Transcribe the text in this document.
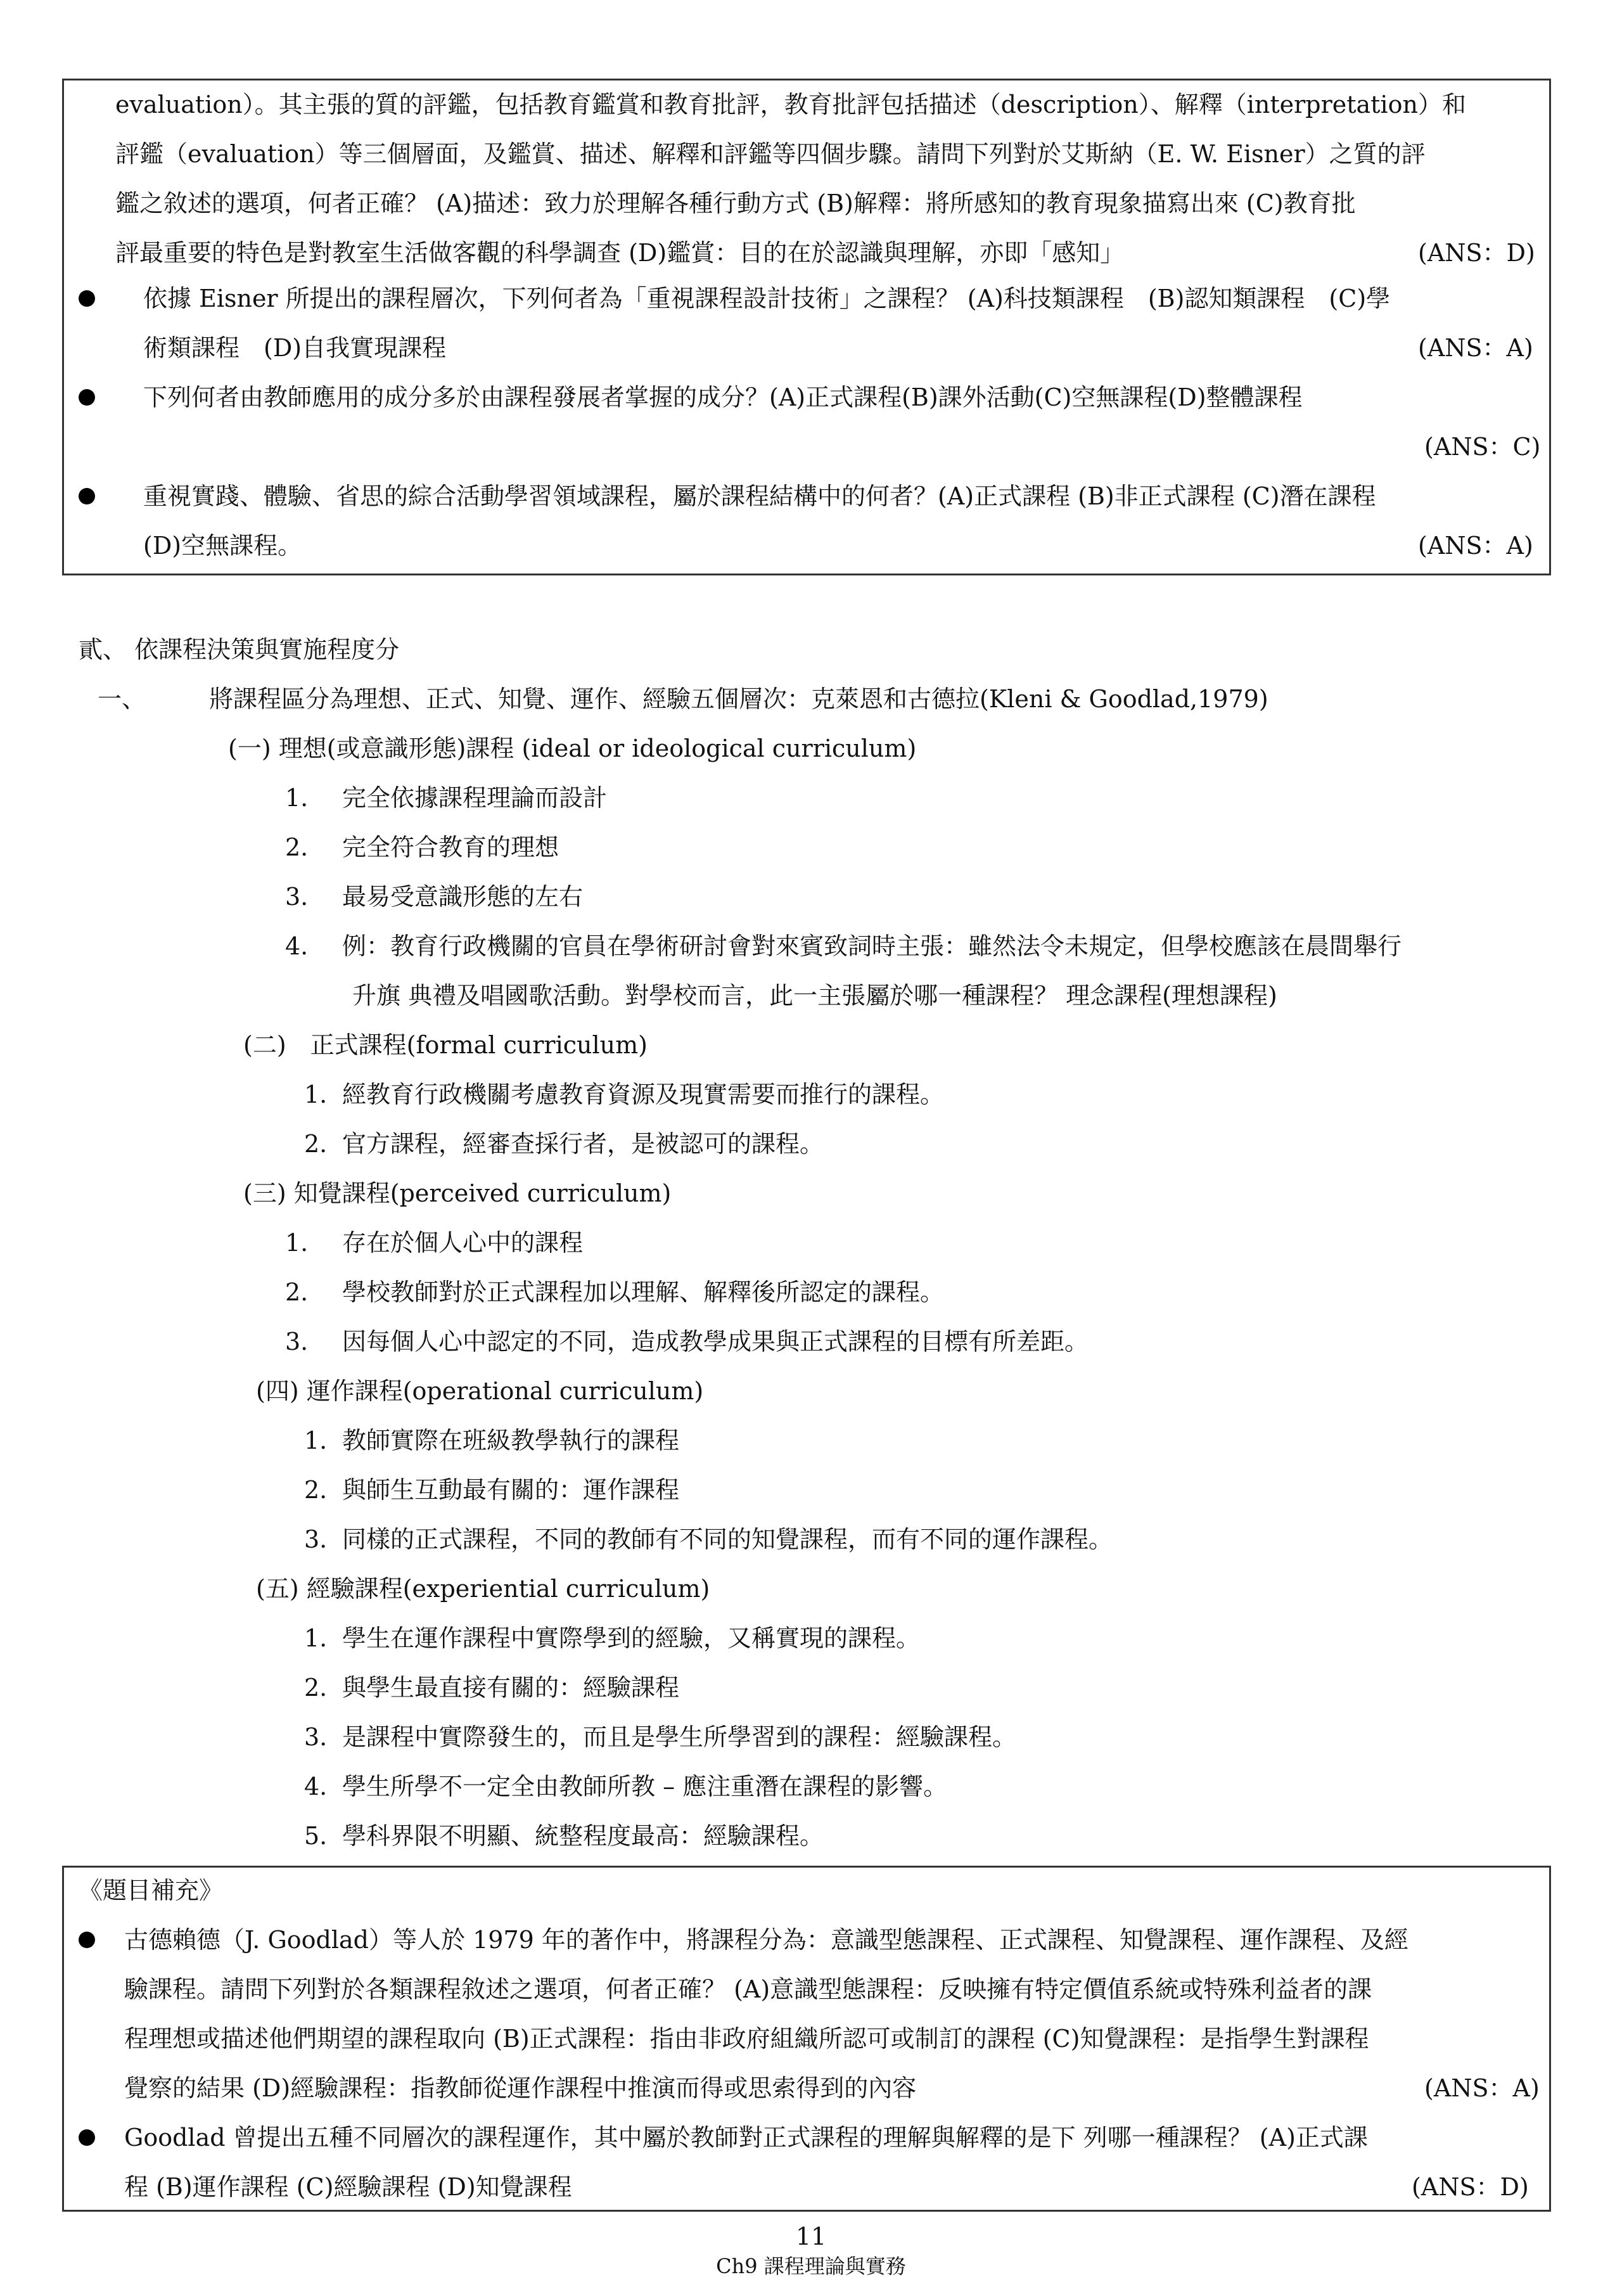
evaluation）。其主張的質的評鑑，包括教育鑑賞和教育批評，教育批評包括描述（description）、解釋（interpretation）和
評鑑（evaluation）等三個層面，及鑑賞、描述、解釋和評鑑等四個步驟。請問下列對於艾斯納（E. W. Eisner）之質的評
鑑之敘述的選項，何者正確？ (A)描述：致力於理解各種行動方式 (B)解釋：將所感知的教育現象描寫出來 (C)教育批
評最重要的特色是對教室生活做客觀的科學調查 (D)鑑賞：目的在於認識與理解，亦即「感知」	(ANS：D)
依據 Eisner 所提出的課程層次，下列何者為「重視課程設計技術」之課程？ (A)科技類課程　(B)認知類課程　(C)學
術類課程　(D)自我實現課程	(ANS：A)
下列何者由教師應用的成分多於由課程發展者掌握的成分？(A)正式課程(B)課外活動(C)空無課程(D)整體課程
(ANS：C)
重視實踐、體驗、省思的綜合活動學習領域課程，屬於課程結構中的何者？(A)正式課程 (B)非正式課程 (C)潛在課程
(D)空無課程。	(ANS：A)
貳、 依課程決策與實施程度分
一、	將課程區分為理想、正式、知覺、運作、經驗五個層次：克萊恩和古德拉(Kleni & Goodlad,1979)
(一) 理想(或意識形態)課程 (ideal or ideological curriculum)
1. 完全依據課程理論而設計
2. 完全符合教育的理想
3. 最易受意識形態的左右
4. 例：教育行政機關的官員在學術研討會對來賓致詞時主張：雖然法令未規定，但學校應該在晨間舉行
升旗 典禮及唱國歌活動。對學校而言，此一主張屬於哪一種課程？ 理念課程(理想課程)
(二)　正式課程(formal curriculum)
1. 經教育行政機關考慮教育資源及現實需要而推行的課程。
2. 官方課程，經審查採行者，是被認可的課程。
(三) 知覺課程(perceived curriculum)
1. 存在於個人心中的課程
2. 學校教師對於正式課程加以理解、解釋後所認定的課程。
3. 因每個人心中認定的不同，造成教學成果與正式課程的目標有所差距。
(四) 運作課程(operational curriculum)
1. 教師實際在班級教學執行的課程
2. 與師生互動最有關的：運作課程
3. 同樣的正式課程，不同的教師有不同的知覺課程，而有不同的運作課程。
(五) 經驗課程(experiential curriculum)
1. 學生在運作課程中實際學到的經驗，又稱實現的課程。
2. 與學生最直接有關的：經驗課程
3. 是課程中實際發生的，而且是學生所學習到的課程：經驗課程。
4. 學生所學不一定全由教師所教 – 應注重潛在課程的影響。
5. 學科界限不明顯、統整程度最高：經驗課程。
《題目補充》
古德賴德（J. Goodlad）等人於 1979 年的著作中，將課程分為：意識型態課程、正式課程、知覺課程、運作課程、及經
驗課程。請問下列對於各類課程敘述之選項，何者正確？ (A)意識型態課程：反映擁有特定價值系統或特殊利益者的課
程理想或描述他們期望的課程取向 (B)正式課程：指由非政府組織所認可或制訂的課程 (C)知覺課程：是指學生對課程
覺察的結果 (D)經驗課程：指教師從運作課程中推演而得或思索得到的內容	(ANS：A)
Goodlad 曾提出五種不同層次的課程運作，其中屬於教師對正式課程的理解與解釋的是下 列哪一種課程？ (A)正式課
程 (B)運作課程 (C)經驗課程 (D)知覺課程	(ANS：D)
11
Ch9 課程理論與實務
